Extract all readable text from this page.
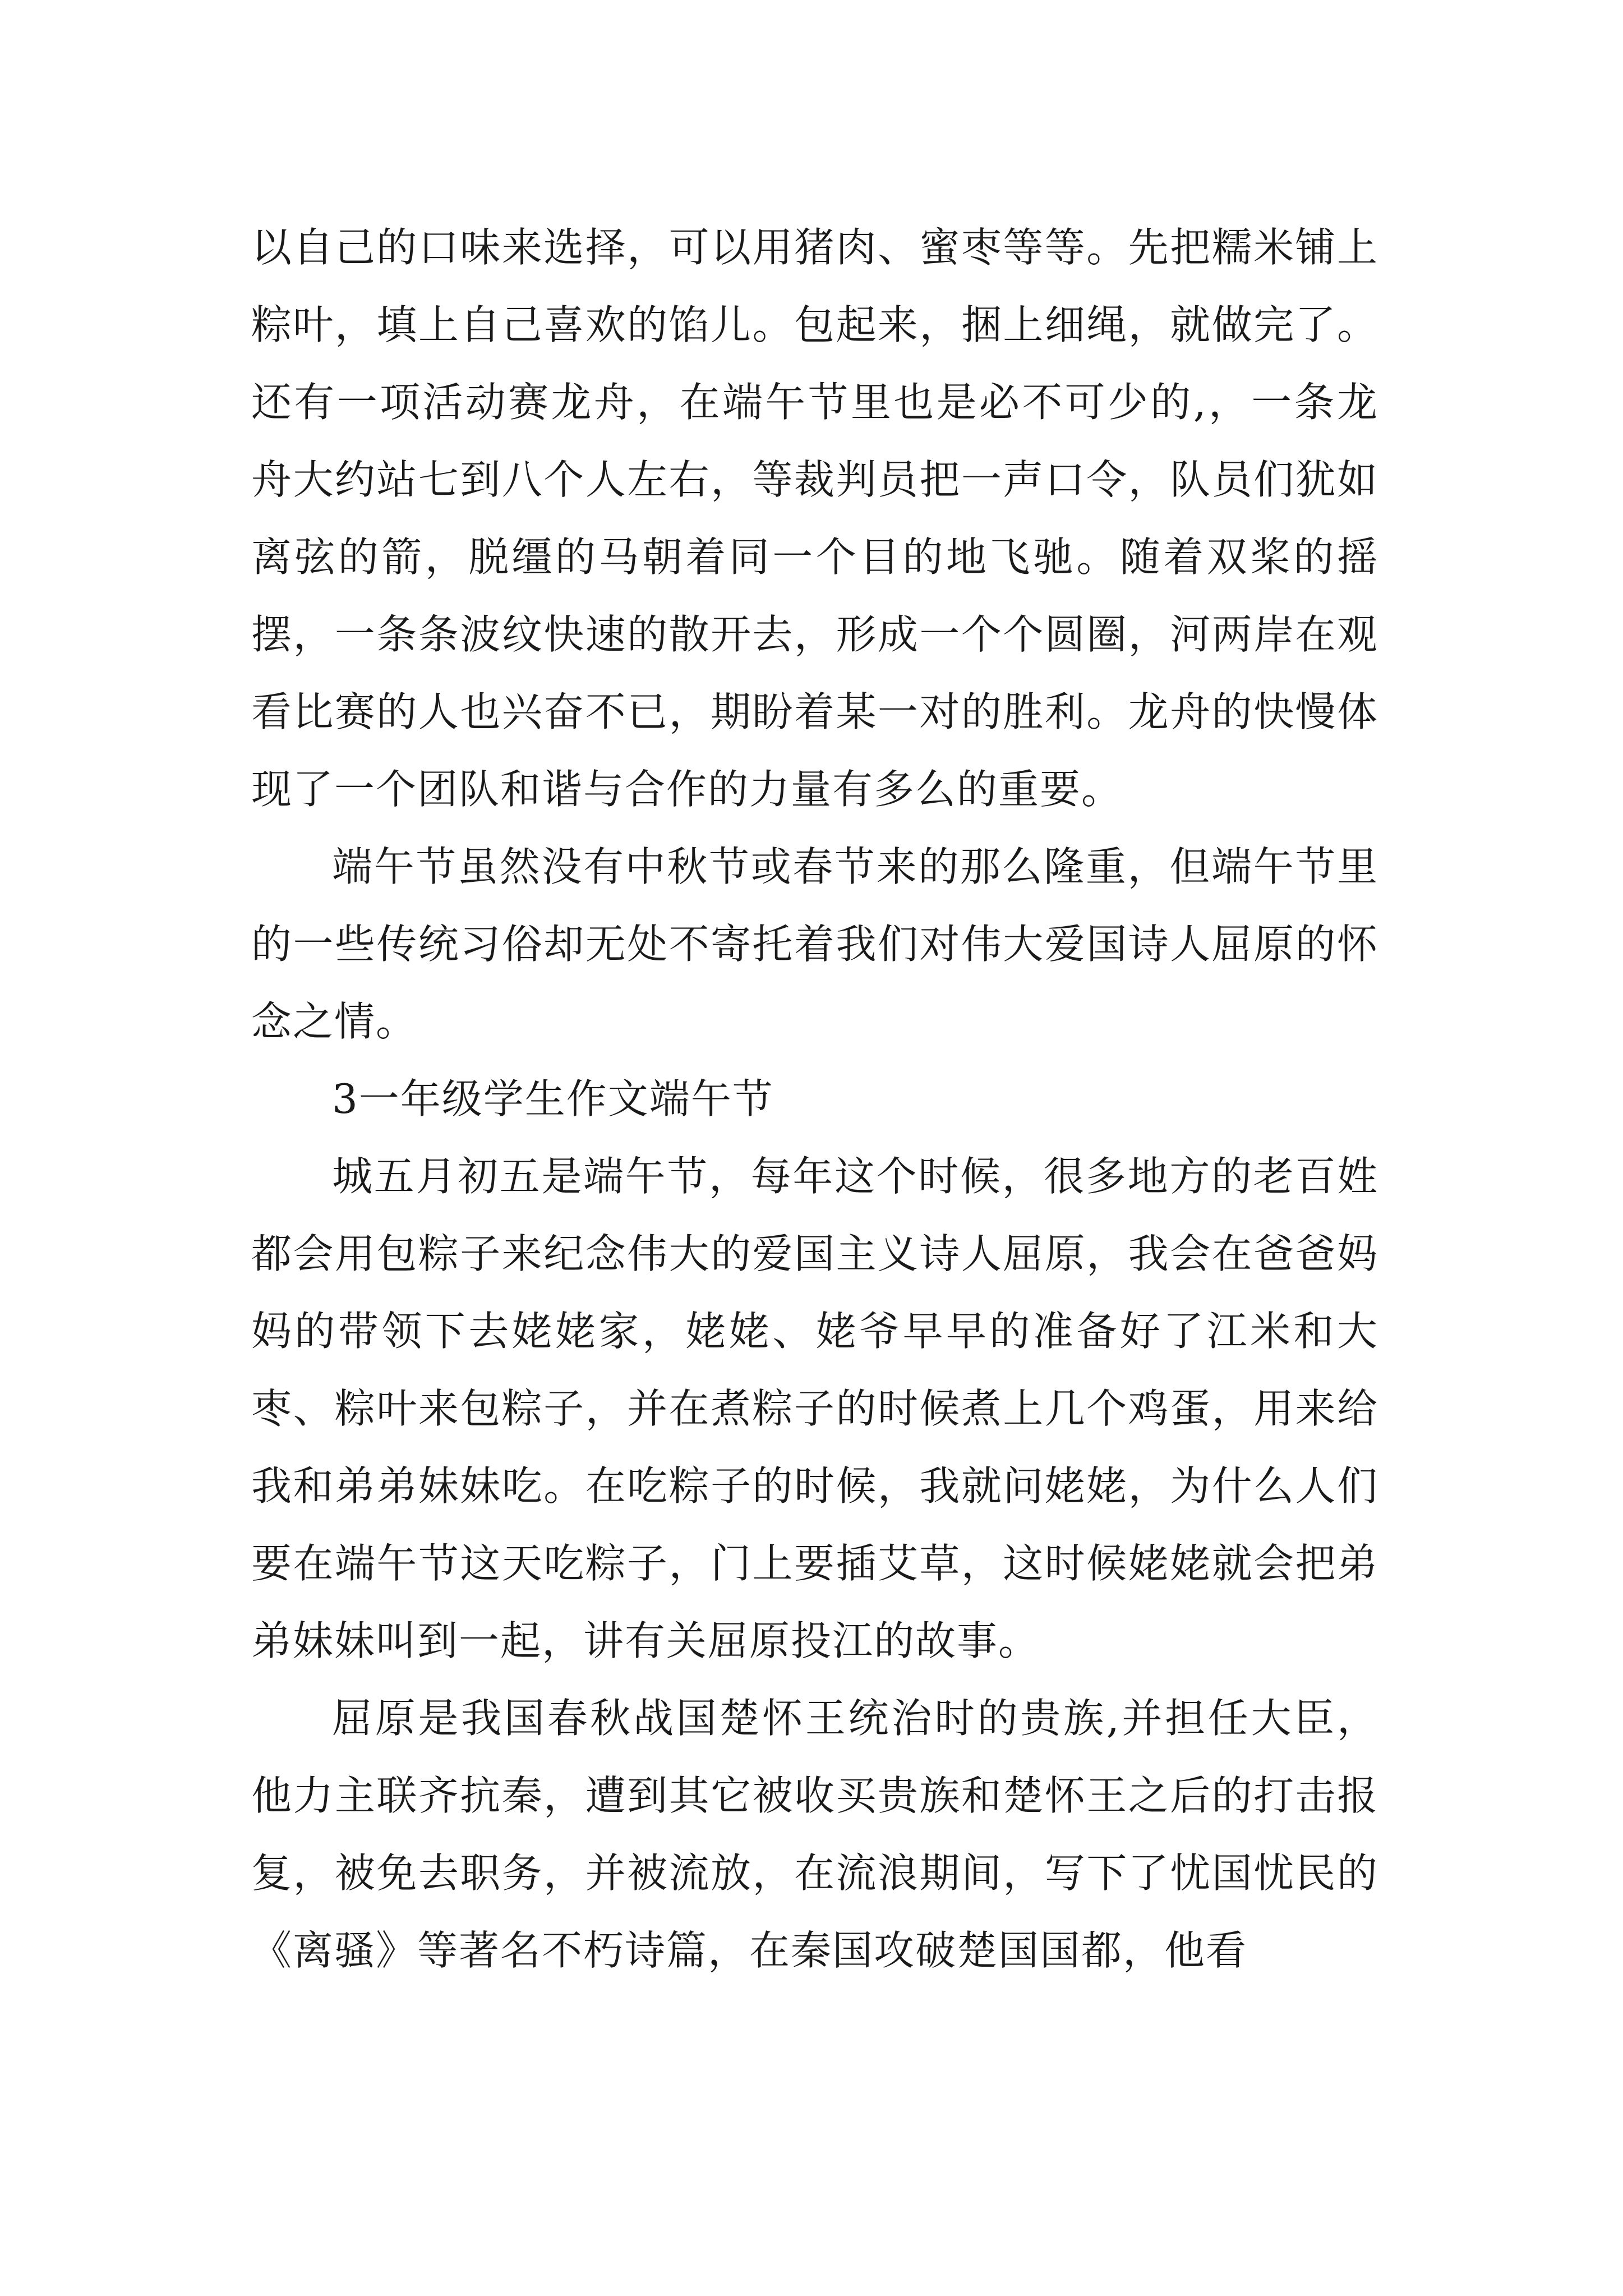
以自己的口味来选择，可以用猪肉、蜜枣等等。先把糯米铺上粽叶，填上自己喜欢的馅儿。包起来，捆上细绳，就做完了。 还有一项活动赛龙舟，在端午节里也是必不可少的,，一条龙舟大约站七到八个人左右，等裁判员把一声口令，队员们犹如离弦的箭，脱缰的马朝着同一个目的地飞驰。随着双桨的摇摆，一条条波纹快速的散开去，形成一个个圆圈，河两岸在观看比赛的人也兴奋不已，期盼着某一对的胜利。龙舟的快慢体现了一个团队和谐与合作的力量有多么的重要。

端午节虽然没有中秋节或春节来的那么隆重，但端午节里的一些传统习俗却无处不寄托着我们对伟大爱国诗人屈原的怀念之情。

3一年级学生作文端午节

城五月初五是端午节，每年这个时候，很多地方的老百姓都会用包粽子来纪念伟大的爱国主义诗人屈原，我会在爸爸妈妈的带领下去姥姥家，姥姥、姥爷早早的准备好了江米和大枣、粽叶来包粽子，并在煮粽子的时候煮上几个鸡蛋，用来给我和弟弟妹妹吃。在吃粽子的时候，我就问姥姥，为什么人们要在端午节这天吃粽子，门上要插艾草，这时候姥姥就会把弟弟妹妹叫到一起，讲有关屈原投江的故事。

屈原是我国春秋战国楚怀王统治时的贵族,并担任大臣，他力主联齐抗秦，遭到其它被收买贵族和楚怀王之后的打击报复，被免去职务，并被流放，在流浪期间，写下了忧国忧民的《离骚》等著名不朽诗篇，在秦国攻破楚国国都，他看
